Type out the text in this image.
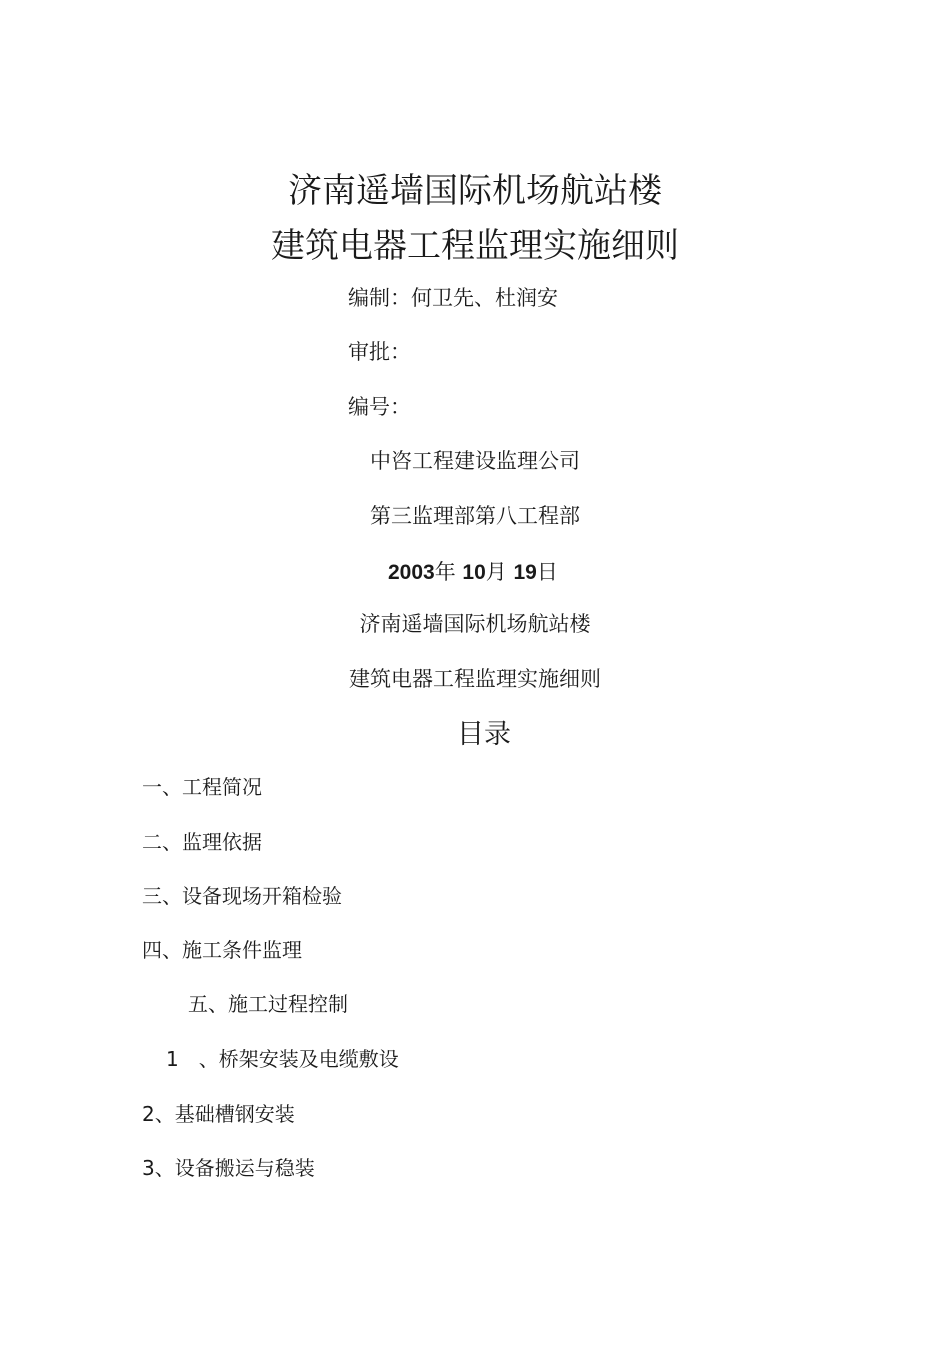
济南遥墙国际机场航站楼
建筑电器工程监理实施细则
编制：何卫先、杜润安
审批：
编号：
中咨工程建设监理公司
第三监理部第八工程部
2003年 10月 19日
济南遥墙国际机场航站楼
建筑电器工程监理实施细则
目录
一、工程简况
二、监理依据
三、设备现场开箱检验
四、施工条件监理
五、施工过程控制
1　、桥架安装及电缆敷设
2、基础槽钢安装
3、设备搬运与稳装
